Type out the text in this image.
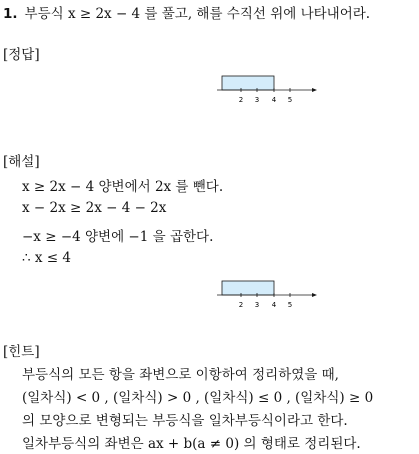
1. 부등식 x ≥ 2x − 4 를 풀고, 해를 수직선 위에 나타내어라.
[정답]
2 3 4 5
[해설]
x ≥ 2x − 4 양변에서 2x 를 뺀다.
x − 2x ≥ 2x − 4 − 2x
−x ≥ −4 양변에 −1 을 곱한다.
∴ x ≤ 4
2 3 4 5
[힌트]
부등식의 모든 항을 좌변으로 이항하여 정리하였을 때,
(일차식) < 0 , (일차식) > 0 , (일차식) ≤ 0 , (일차식) ≥ 0
의 모양으로 변형되는 부등식을 일차부등식이라고 한다.
일차부등식의 좌변은 ax + b(a ≠ 0) 의 형태로 정리된다.
